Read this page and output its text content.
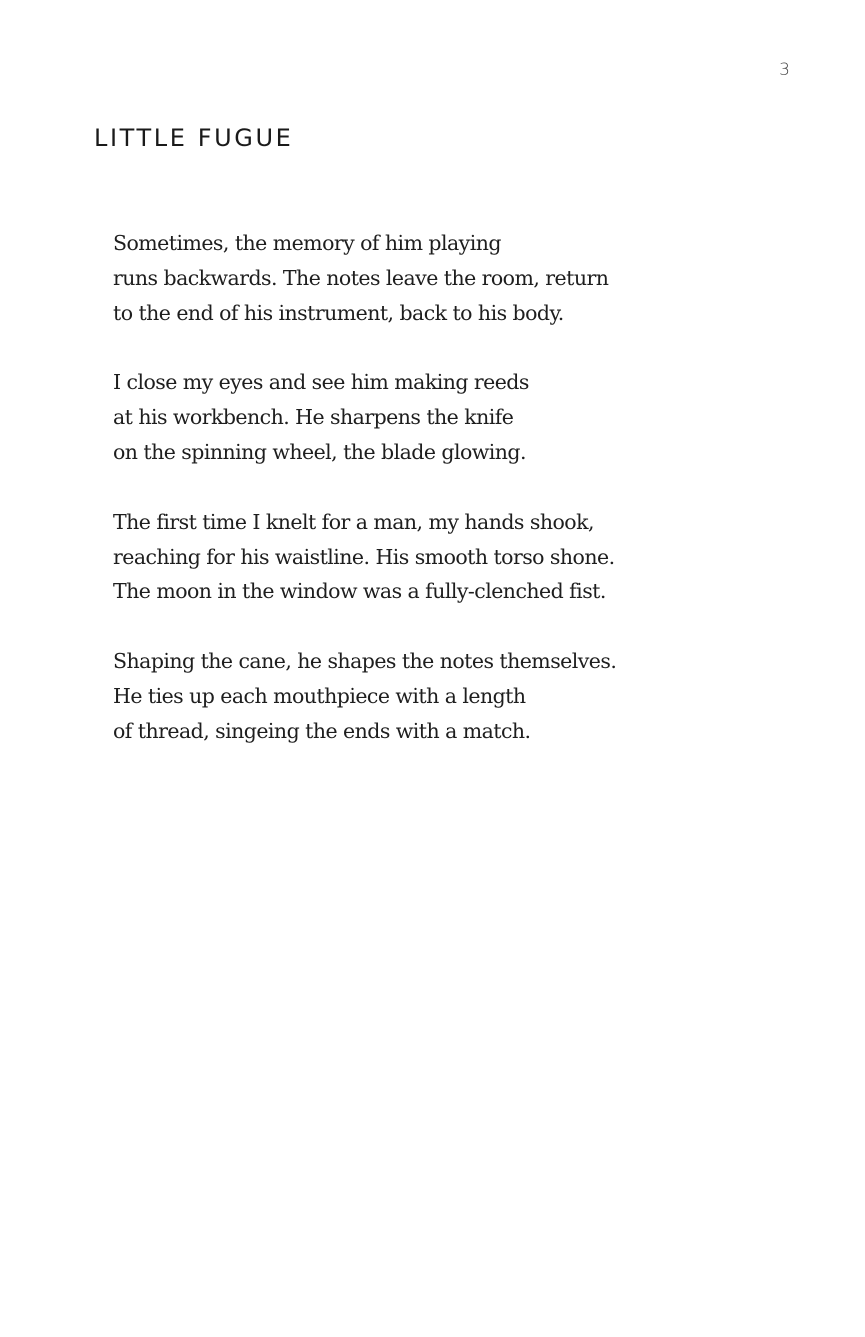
3
LITTLE FUGUE

Sometimes, the memory of him playing
runs backwards. The notes leave the room, return
to the end of his instrument, back to his body.

I close my eyes and see him making reeds
at his workbench. He sharpens the knife
on the spinning wheel, the blade glowing.

The first time I knelt for a man, my hands shook,
reaching for his waistline. His smooth torso shone.
The moon in the window was a fully-clenched fist.

Shaping the cane, he shapes the notes themselves.
He ties up each mouthpiece with a length
of thread, singeing the ends with a match.
